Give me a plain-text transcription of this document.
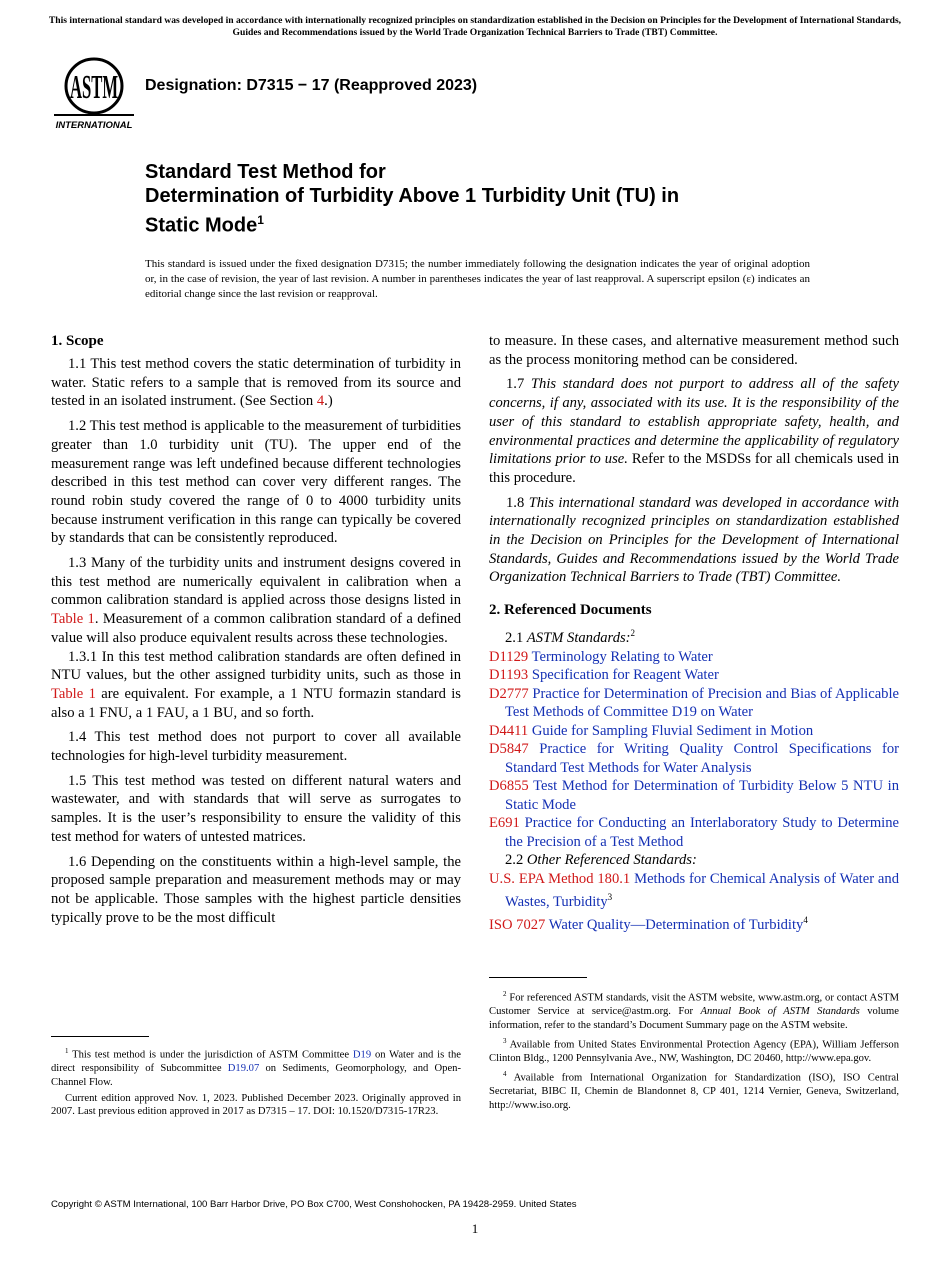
This international standard was developed in accordance with internationally recognized principles on standardization established in the Decision on Principles for the Development of International Standards, Guides and Recommendations issued by the World Trade Organization Technical Barriers to Trade (TBT) Committee.
ASTM
INTERNATIONAL
Designation: D7315 − 17 (Reapproved 2023)
Standard Test Method for
Determination of Turbidity Above 1 Turbidity Unit (TU) in
Static Mode$^1$
This standard is issued under the fixed designation D7315; the number immediately following the designation indicates the year of original adoption or, in the case of revision, the year of last revision. A number in parentheses indicates the year of last reapproval. A superscript epsilon (ε) indicates an editorial change since the last revision or reapproval.
1. Scope

1.1 This test method covers the static determination of turbidity in water. Static refers to a sample that is removed from its source and tested in an isolated instrument. (See Section 4.)

1.2 This test method is applicable to the measurement of turbidities greater than 1.0 turbidity unit (TU). The upper end of the measurement range was left undefined because different technologies described in this test method can cover very different ranges. The round robin study covered the range of 0 to 4000 turbidity units because instrument verification in this range can typically be covered by standards that can be consistently reproduced.

1.3 Many of the turbidity units and instrument designs covered in this test method are numerically equivalent in calibration when a common calibration standard is applied across those designs listed in Table 1. Measurement of a common calibration standard of a defined value will also produce equivalent results across these technologies.

1.3.1 In this test method calibration standards are often defined in NTU values, but the other assigned turbidity units, such as those in Table 1 are equivalent. For example, a 1 NTU formazin standard is also a 1 FNU, a 1 FAU, a 1 BU, and so forth.

1.4 This test method does not purport to cover all available technologies for high-level turbidity measurement.

1.5 This test method was tested on different natural waters and wastewater, and with standards that will serve as surrogates to samples. It is the user’s responsibility to ensure the validity of this test method for waters of untested matrices.

1.6 Depending on the constituents within a high-level sample, the proposed sample preparation and measurement methods may or may not be applicable. Those samples with the highest particle densities typically prove to be the most difficult

to measure. In these cases, and alternative measurement method such as the process monitoring method can be considered.

1.7 This standard does not purport to address all of the safety concerns, if any, associated with its use. It is the responsibility of the user of this standard to establish appropriate safety, health, and environmental practices and determine the applicability of regulatory limitations prior to use. Refer to the MSDSs for all chemicals used in this procedure.

1.8 This international standard was developed in accordance with internationally recognized principles on standardization established in the Decision on Principles for the Development of International Standards, Guides and Recommendations issued by the World Trade Organization Technical Barriers to Trade (TBT) Committee.

2. Referenced Documents
2.1 ASTM Standards:$^2$
D1129 Terminology Relating to Water
D1193 Specification for Reagent Water
D2777 Practice for Determination of Precision and Bias of Applicable Test Methods of Committee D19 on Water
D4411 Guide for Sampling Fluvial Sediment in Motion
D5847 Practice for Writing Quality Control Specifications for Standard Test Methods for Water Analysis
D6855 Test Method for Determination of Turbidity Below 5 NTU in Static Mode
E691 Practice for Conducting an Interlaboratory Study to Determine the Precision of a Test Method
2.2 Other Referenced Standards:
U.S. EPA Method 180.1 Methods for Chemical Analysis of Water and Wastes, Turbidity$^3$
ISO 7027 Water Quality—Determination of Turbidity$^4$

$^1$ This test method is under the jurisdiction of ASTM Committee D19 on Water and is the direct responsibility of Subcommittee D19.07 on Sediments, Geomorphology, and Open-Channel Flow.

Current edition approved Nov. 1, 2023. Published December 2023. Originally approved in 2007. Last previous edition approved in 2017 as D7315 – 17. DOI: 10.1520/D7315-17R23.

$^2$ For referenced ASTM standards, visit the ASTM website, www.astm.org, or contact ASTM Customer Service at service@astm.org. For Annual Book of ASTM Standards volume information, refer to the standard’s Document Summary page on the ASTM website.

$^3$ Available from United States Environmental Protection Agency (EPA), William Jefferson Clinton Bldg., 1200 Pennsylvania Ave., NW, Washington, DC 20460, http://www.epa.gov.

$^4$ Available from International Organization for Standardization (ISO), ISO Central Secretariat, BIBC II, Chemin de Blandonnet 8, CP 401, 1214 Vernier, Geneva, Switzerland, http://www.iso.org.

Copyright © ASTM International, 100 Barr Harbor Drive, PO Box C700, West Conshohocken, PA 19428-2959. United States
1
